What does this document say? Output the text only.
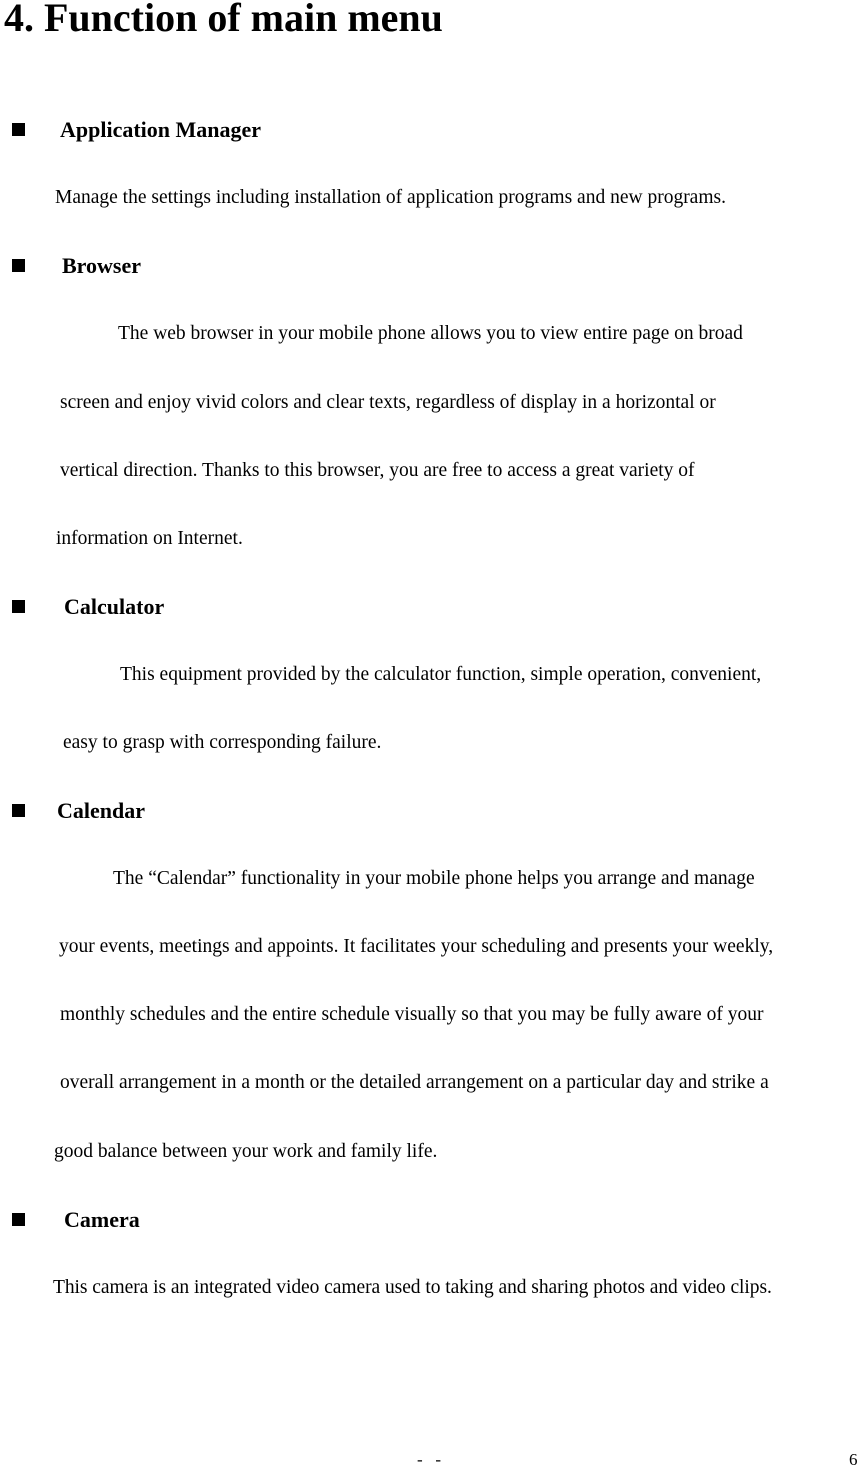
4. Function of main menu
Application Manager
Manage the settings including installation of application programs and new programs.
Browser
The web browser in your mobile phone allows you to view entire page on broad
screen and enjoy vivid colors and clear texts, regardless of display in a horizontal or
vertical direction. Thanks to this browser, you are free to access a great variety of
information on Internet.
Calculator
This equipment provided by the calculator function, simple operation, convenient,
easy to grasp with corresponding failure.
Calendar
The “Calendar” functionality in your mobile phone helps you arrange and manage
your events, meetings and appoints. It facilitates your scheduling and presents your weekly,
monthly schedules and the entire schedule visually so that you may be fully aware of your
overall arrangement in a month or the detailed arrangement on a particular day and strike a
good balance between your work and family life.
Camera
This camera is an integrated video camera used to taking and sharing photos and video clips.
-   -	6
